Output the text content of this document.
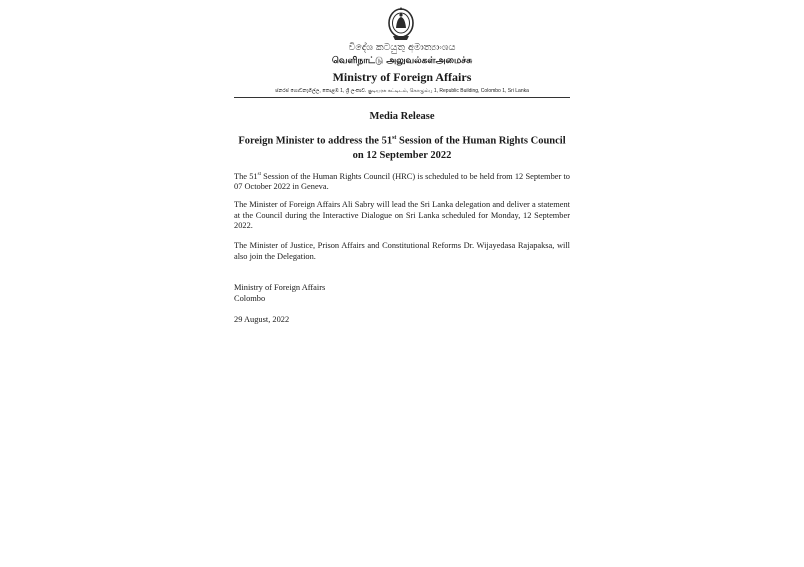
විදේශ කටයුතු අමාත්‍යාංශය
வெளிநாட்டு அலுவல்கள்அமைச்சு
Ministry of Foreign Affairs
ජනරජ ගොඩනැගිල්ල, කොළඹ 1, ශ්‍රී ලංකාව. குடியரசு கட்டிடம், கொழும்பு 1, Republic Building, Colombo 1, Sri Lanka
Media Release
Foreign Minister to address the 51st Session of the Human Rights Council
on 12 September 2022
The 51st Session of the Human Rights Council (HRC) is scheduled to be held from 12 September to 07 October 2022 in Geneva.
The Minister of Foreign Affairs Ali Sabry will lead the Sri Lanka delegation and deliver a statement at the Council during the Interactive Dialogue on Sri Lanka scheduled for Monday, 12 September 2022.
The Minister of Justice, Prison Affairs and Constitutional Reforms Dr. Wijayedasa Rajapaksa, will also join the Delegation.
Ministry of Foreign Affairs
Colombo
29 August, 2022
